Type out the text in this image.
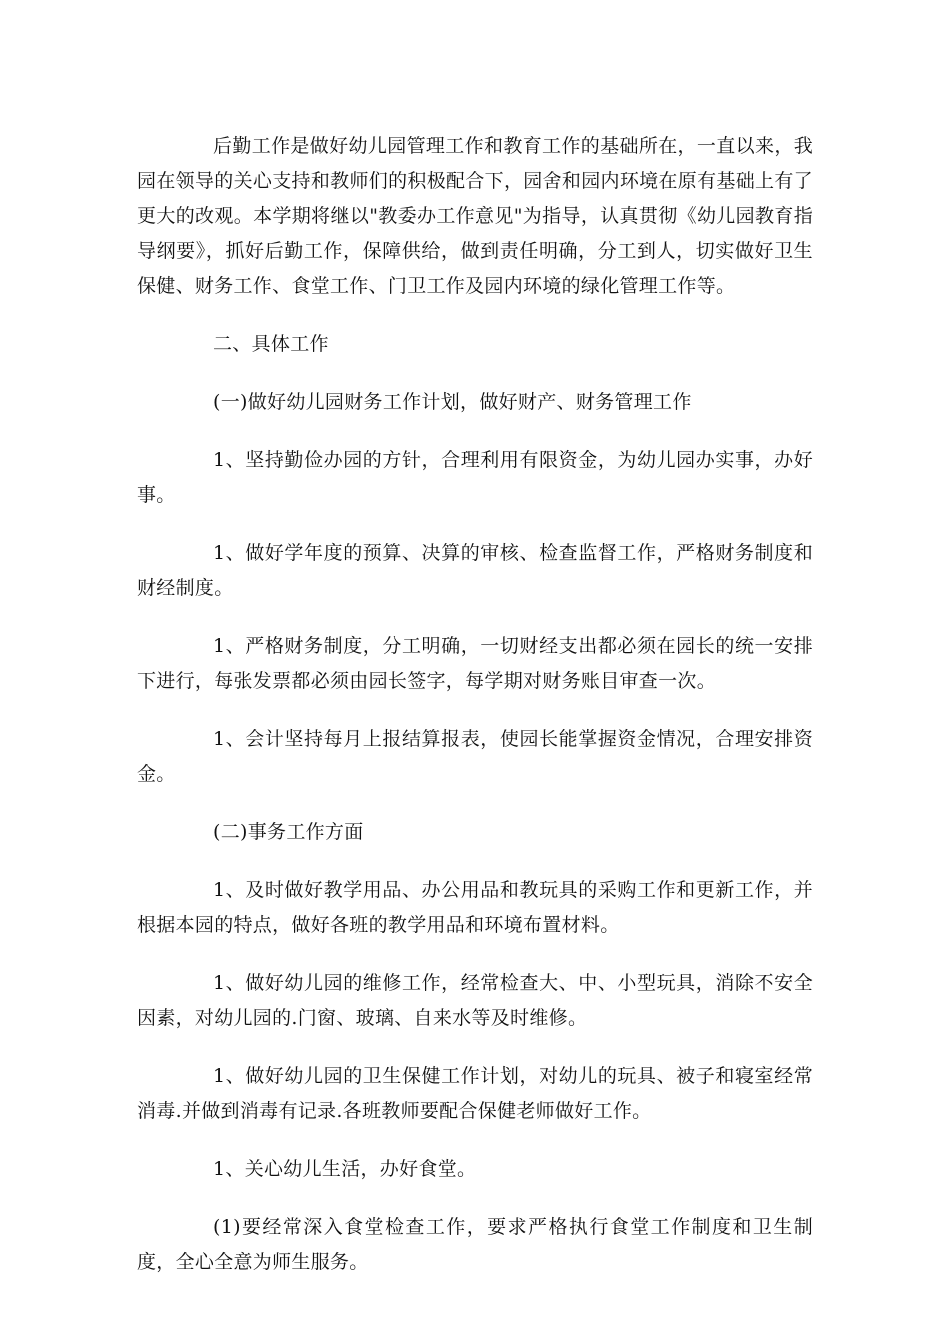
后勤工作是做好幼儿园管理工作和教育工作的基础所在，一直以来，我园在领导的关心支持和教师们的积极配合下，园舍和园内环境在原有基础上有了更大的改观。本学期将继以"教委办工作意见"为指导，认真贯彻《幼儿园教育指导纲要》，抓好后勤工作，保障供给，做到责任明确，分工到人，切实做好卫生保健、财务工作、食堂工作、门卫工作及园内环境的绿化管理工作等。

二、具体工作

(一)做好幼儿园财务工作计划，做好财产、财务管理工作

1、坚持勤俭办园的方针，合理利用有限资金，为幼儿园办实事，办好事。

1、做好学年度的预算、决算的审核、检查监督工作，严格财务制度和财经制度。

1、严格财务制度，分工明确，一切财经支出都必须在园长的统一安排下进行，每张发票都必须由园长签字，每学期对财务账目审查一次。

1、会计坚持每月上报结算报表，使园长能掌握资金情况，合理安排资金。

(二)事务工作方面

1、及时做好教学用品、办公用品和教玩具的采购工作和更新工作，并根据本园的特点，做好各班的教学用品和环境布置材料。

1、做好幼儿园的维修工作，经常检查大、中、小型玩具，消除不安全因素，对幼儿园的.门窗、玻璃、自来水等及时维修。

1、做好幼儿园的卫生保健工作计划，对幼儿的玩具、被子和寝室经常消毒.并做到消毒有记录.各班教师要配合保健老师做好工作。

1、关心幼儿生活，办好食堂。

(1)要经常深入食堂检查工作，要求严格执行食堂工作制度和卫生制度，全心全意为师生服务。
